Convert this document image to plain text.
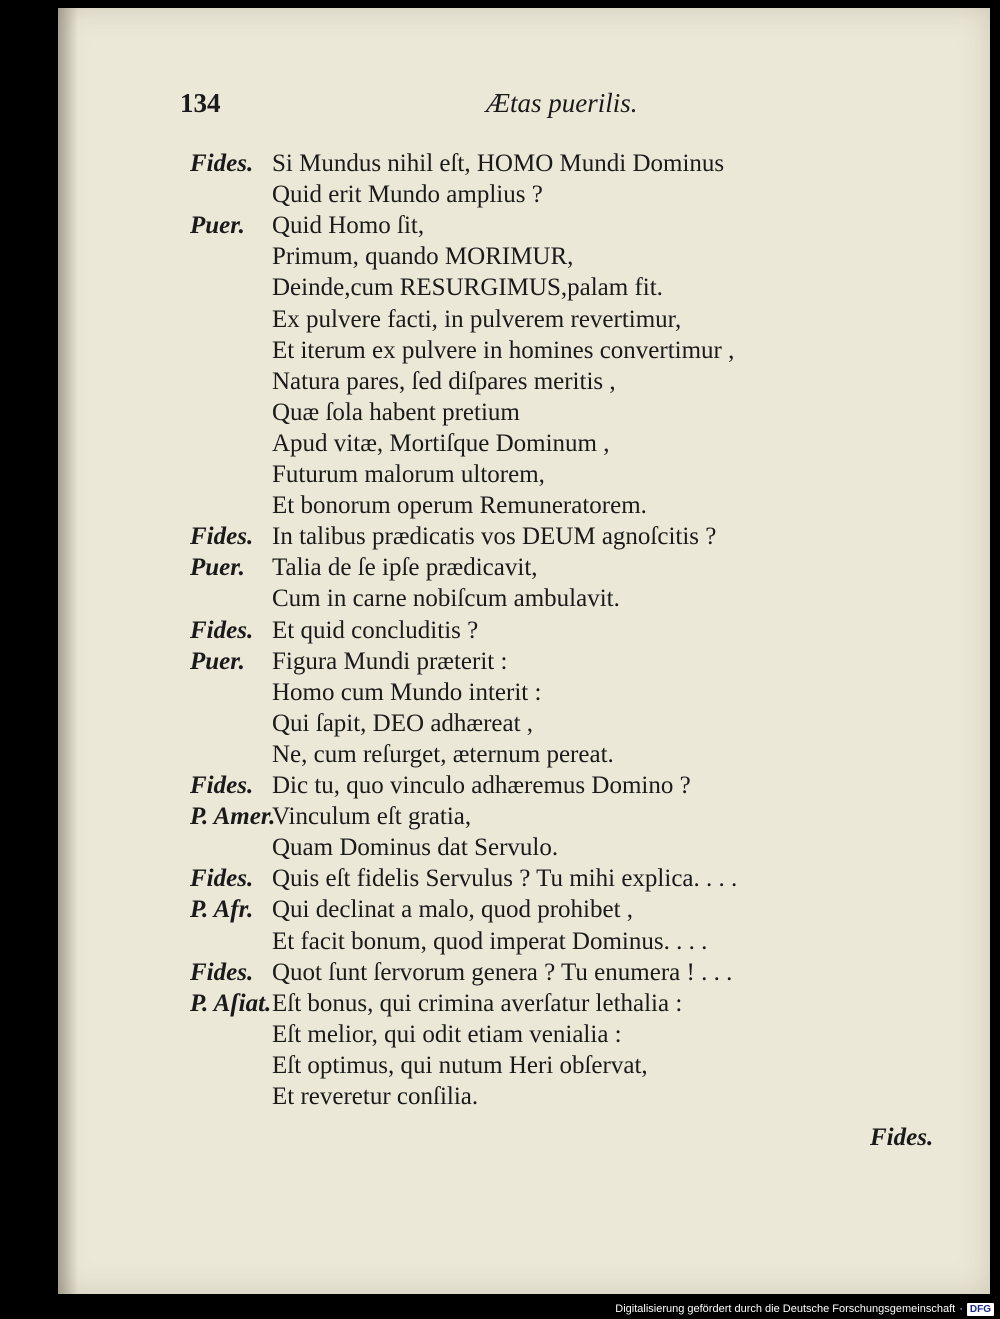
134	Ætas puerilis.
Fides. Si Mundus nihil eſt, HOMO Mundi Dominus
Quid erit Mundo amplius ?
Puer. Quid Homo ſit,
Primum, quando MORIMUR,
Deinde,cum RESURGIMUS,palam fit.
Ex pulvere facti, in pulverem revertimur,
Et iterum ex pulvere in homines convertimur ,
Natura pares, ſed diſpares meritis ,
Quæ ſola habent pretium
Apud vitæ, Mortiſque Dominum ,
Futurum malorum ultorem,
Et bonorum operum Remuneratorem.
Fides. In talibus prædicatis vos DEUM agnoſcitis ?
Puer. Talia de ſe ipſe prædicavit,
Cum in carne nobiſcum ambulavit.
Fides. Et quid concluditis ?
Puer. Figura Mundi præterit :
Homo cum Mundo interit :
Qui ſapit, DEO adhæreat ,
Ne, cum reſurget, æternum pereat.
Fides. Dic tu, quo vinculo adhæremus Domino ?
P. Amer.
Vinculum eſt gratia,
Quam Dominus dat Servulo.
Fides. Quis eſt fidelis Servulus ? Tu mihi explica. . . .
P. Afr. Qui declinat a malo, quod prohibet ,
Et facit bonum, quod imperat Dominus. . . .
Fides. Quot ſunt ſervorum genera ? Tu enumera ! . . .
P. Aſiat. Eſt bonus, qui crimina averſatur lethalia :
Eſt melior, qui odit etiam venialia :
Eſt optimus, qui nutum Heri obſervat,
Et reveretur conſilia.
Fides.
Digitalisierung gefördert durch die Deutsche Forschungsgemeinschaft · DFG
